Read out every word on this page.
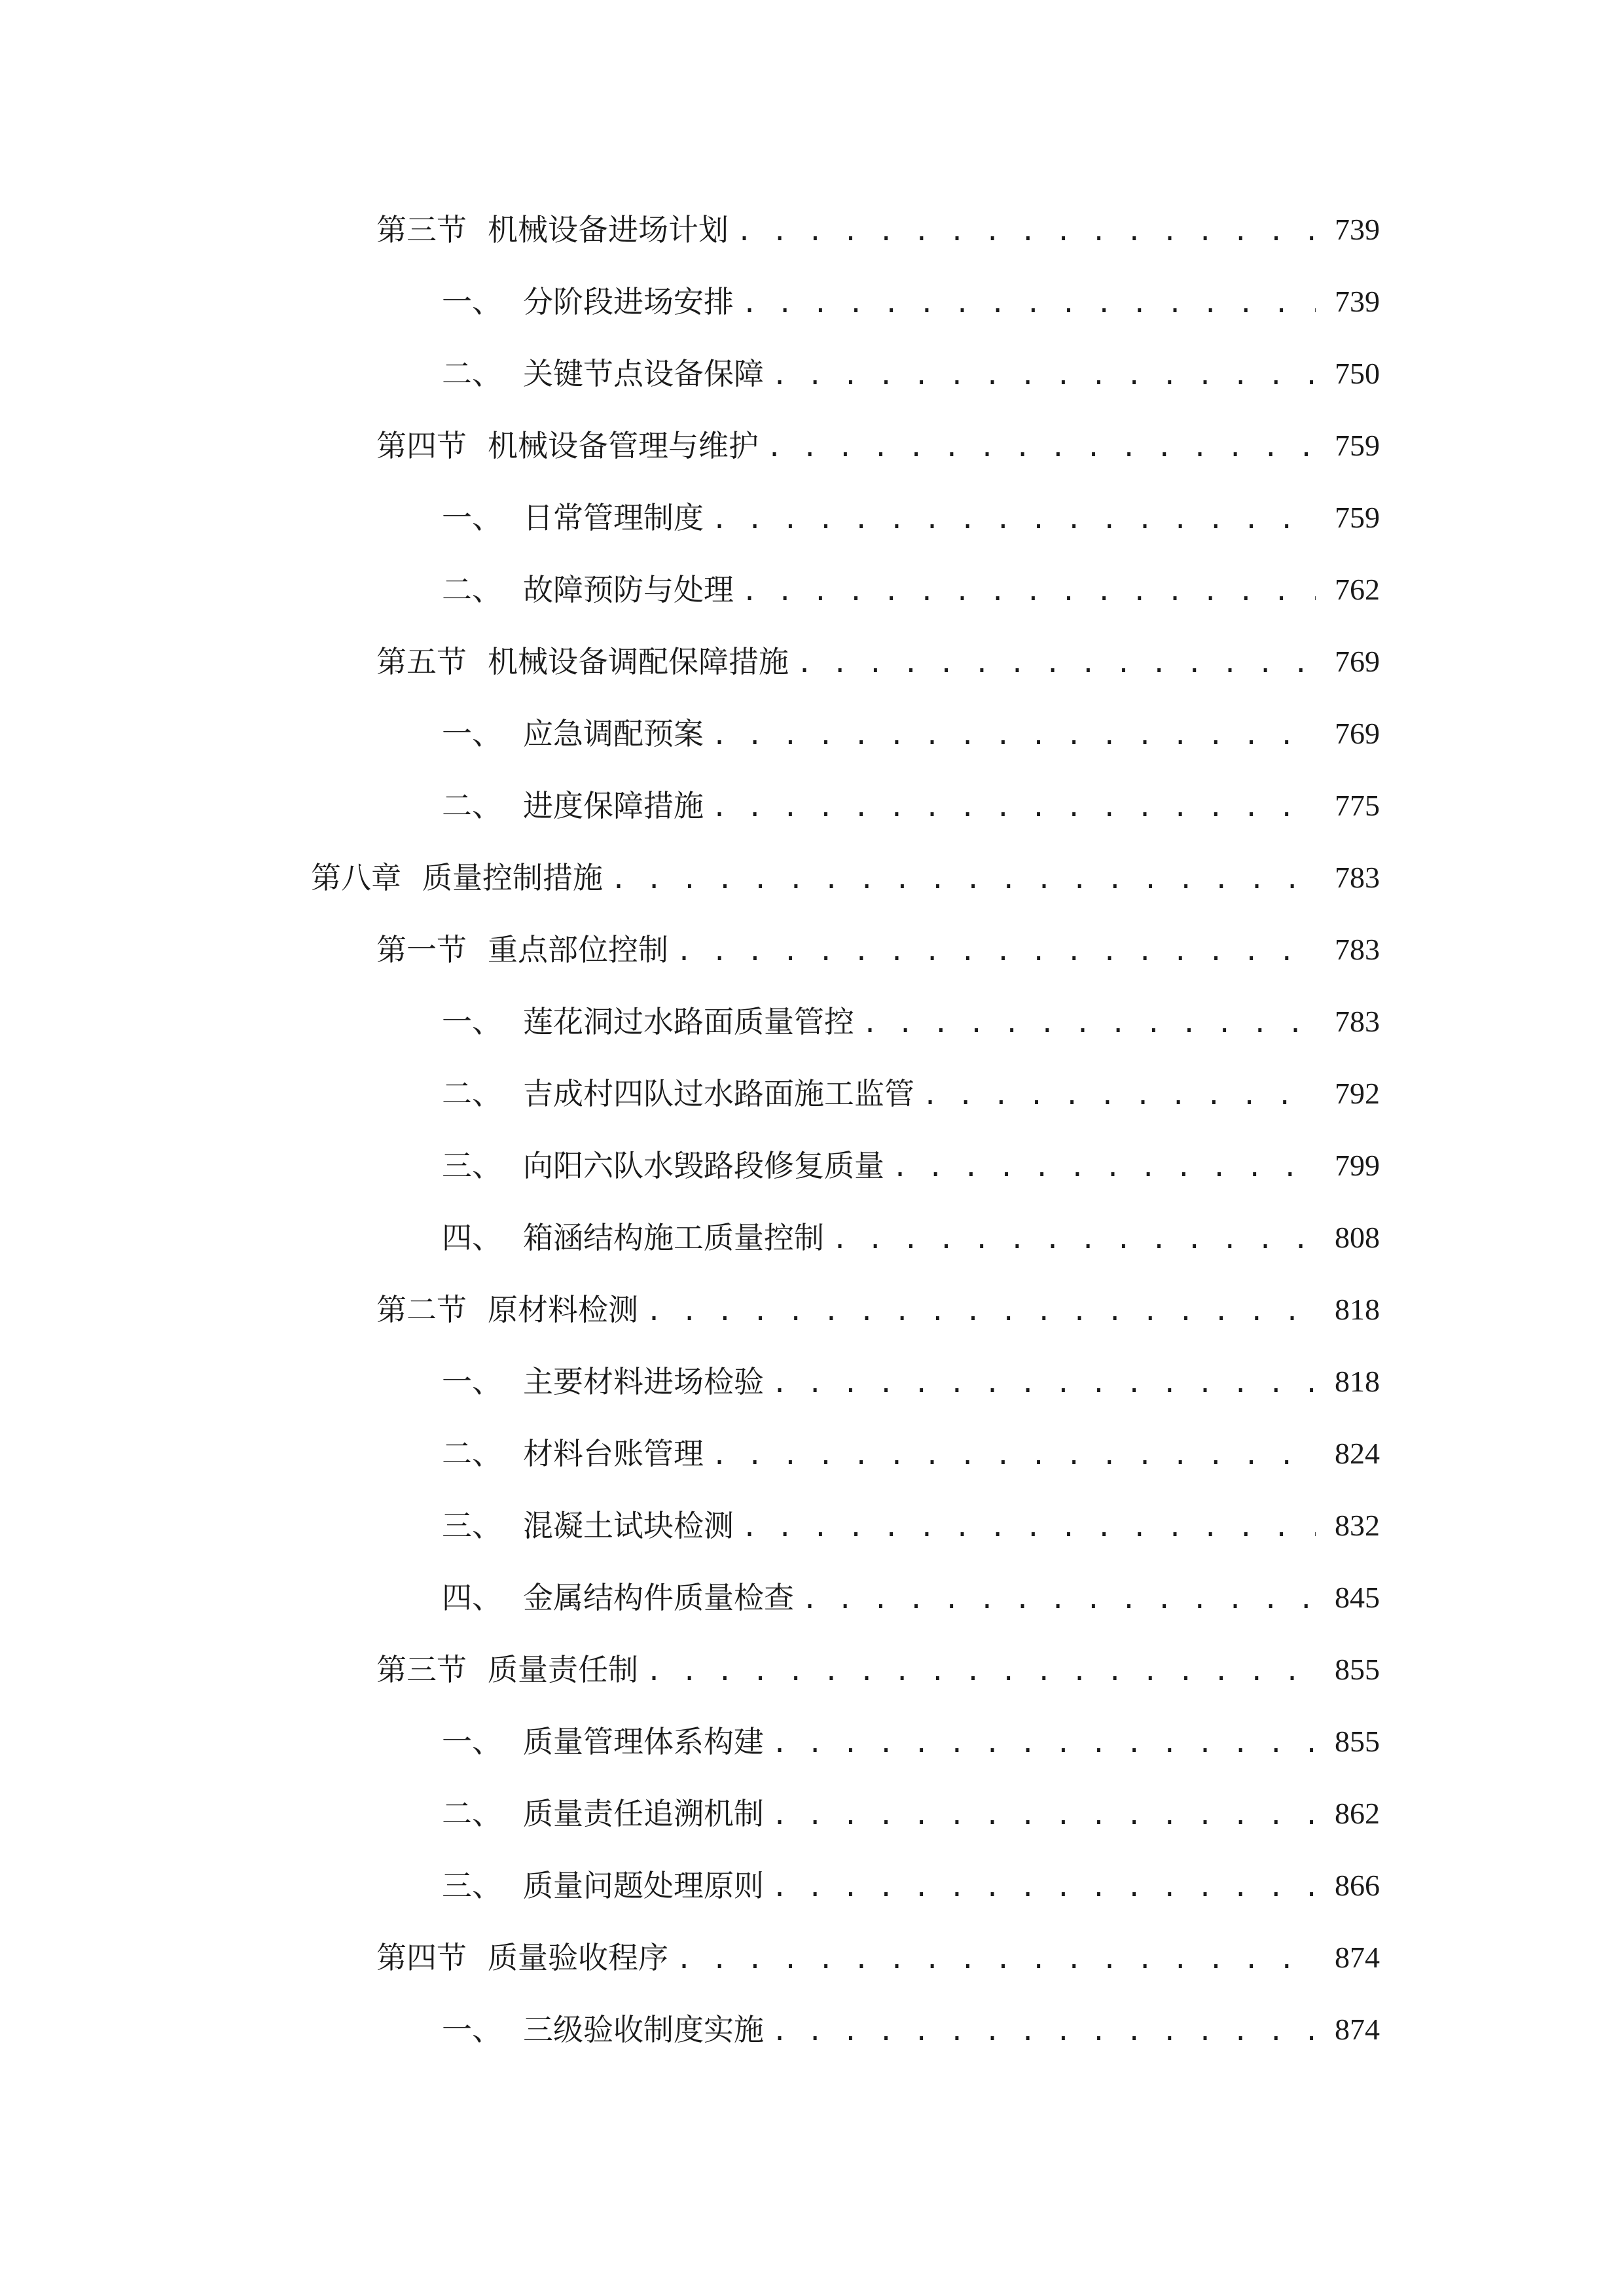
第三节 机械设备进场计划 . . .	739
一、 分阶段进场安排 . . .	739
二、 关键节点设备保障 . . .	750
第四节 机械设备管理与维护 . . .	759
一、 日常管理制度 . . .	759
二、 故障预防与处理 . . .	762
第五节 机械设备调配保障措施 . . .	769
一、 应急调配预案 . . .	769
二、 进度保障措施 . . .	775
第八章 质量控制措施 . . .	783
第一节 重点部位控制 . . .	783
一、 莲花洞过水路面质量管控 . . .	783
二、 吉成村四队过水路面施工监管 . . .	792
三、 向阳六队水毁路段修复质量 . . .	799
四、 箱涵结构施工质量控制 . . .	808
第二节 原材料检测 . . .	818
一、 主要材料进场检验 . . .	818
二、 材料台账管理 . . .	824
三、 混凝土试块检测 . . .	832
四、 金属结构件质量检查 . . .	845
第三节 质量责任制 . . .	855
一、 质量管理体系构建 . . .	855
二、 质量责任追溯机制 . . .	862
三、 质量问题处理原则 . . .	866
第四节 质量验收程序 . . .	874
一、 三级验收制度实施 . . .	874
